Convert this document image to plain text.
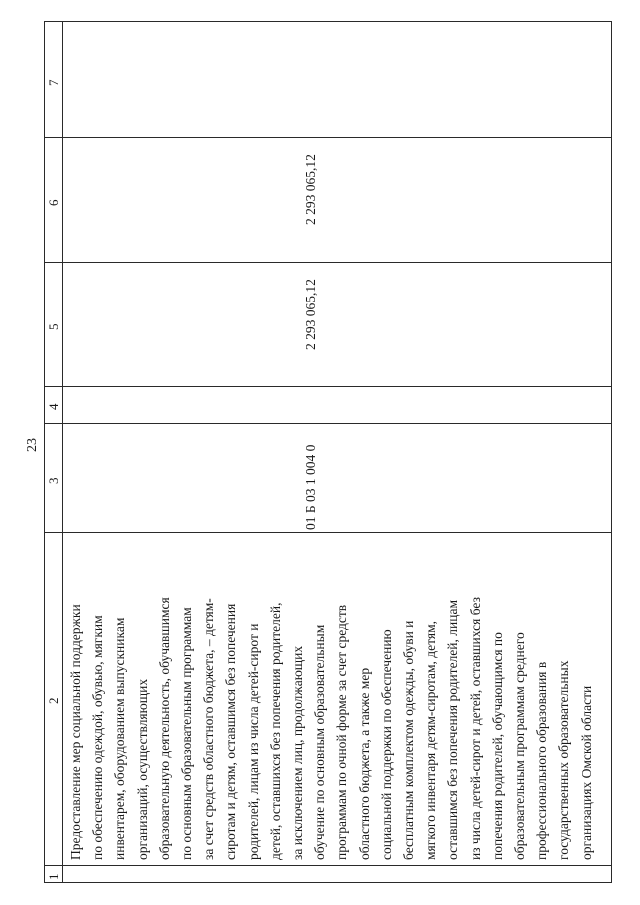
23
7
6
5
4
3
2
1
Предоставление мер социальной поддержки по обеспечению одеждой, обувью, мягким инвентарем, оборудованием выпускникам организаций, осуществляющих образовательную деятельность, обучавшимся по основным образовательным программам за счет средств областного бюджета, – детям- сиротам и детям, оставшимся без попечения родителей, лицам из числа детей-сирот и детей, оставшихся без попечения родителей, за исключением лиц, продолжающих обучение по основным образовательным программам по очной форме за счет средств областного бюджета, а также мер социальной поддержки по обеспечению бесплатным комплектом одежды, обуви и мягкого инвентаря детям-сиротам, детям, оставшимся без попечения родителей, лицам из числа детей-сирот и детей, оставшихся без попечения родителей, обучающимся по образовательным программам среднего профессионального образования в государственных образовательных организациях Омской области
01 Б 03 1 004 0
2 293 065,12
2 293 065,12
